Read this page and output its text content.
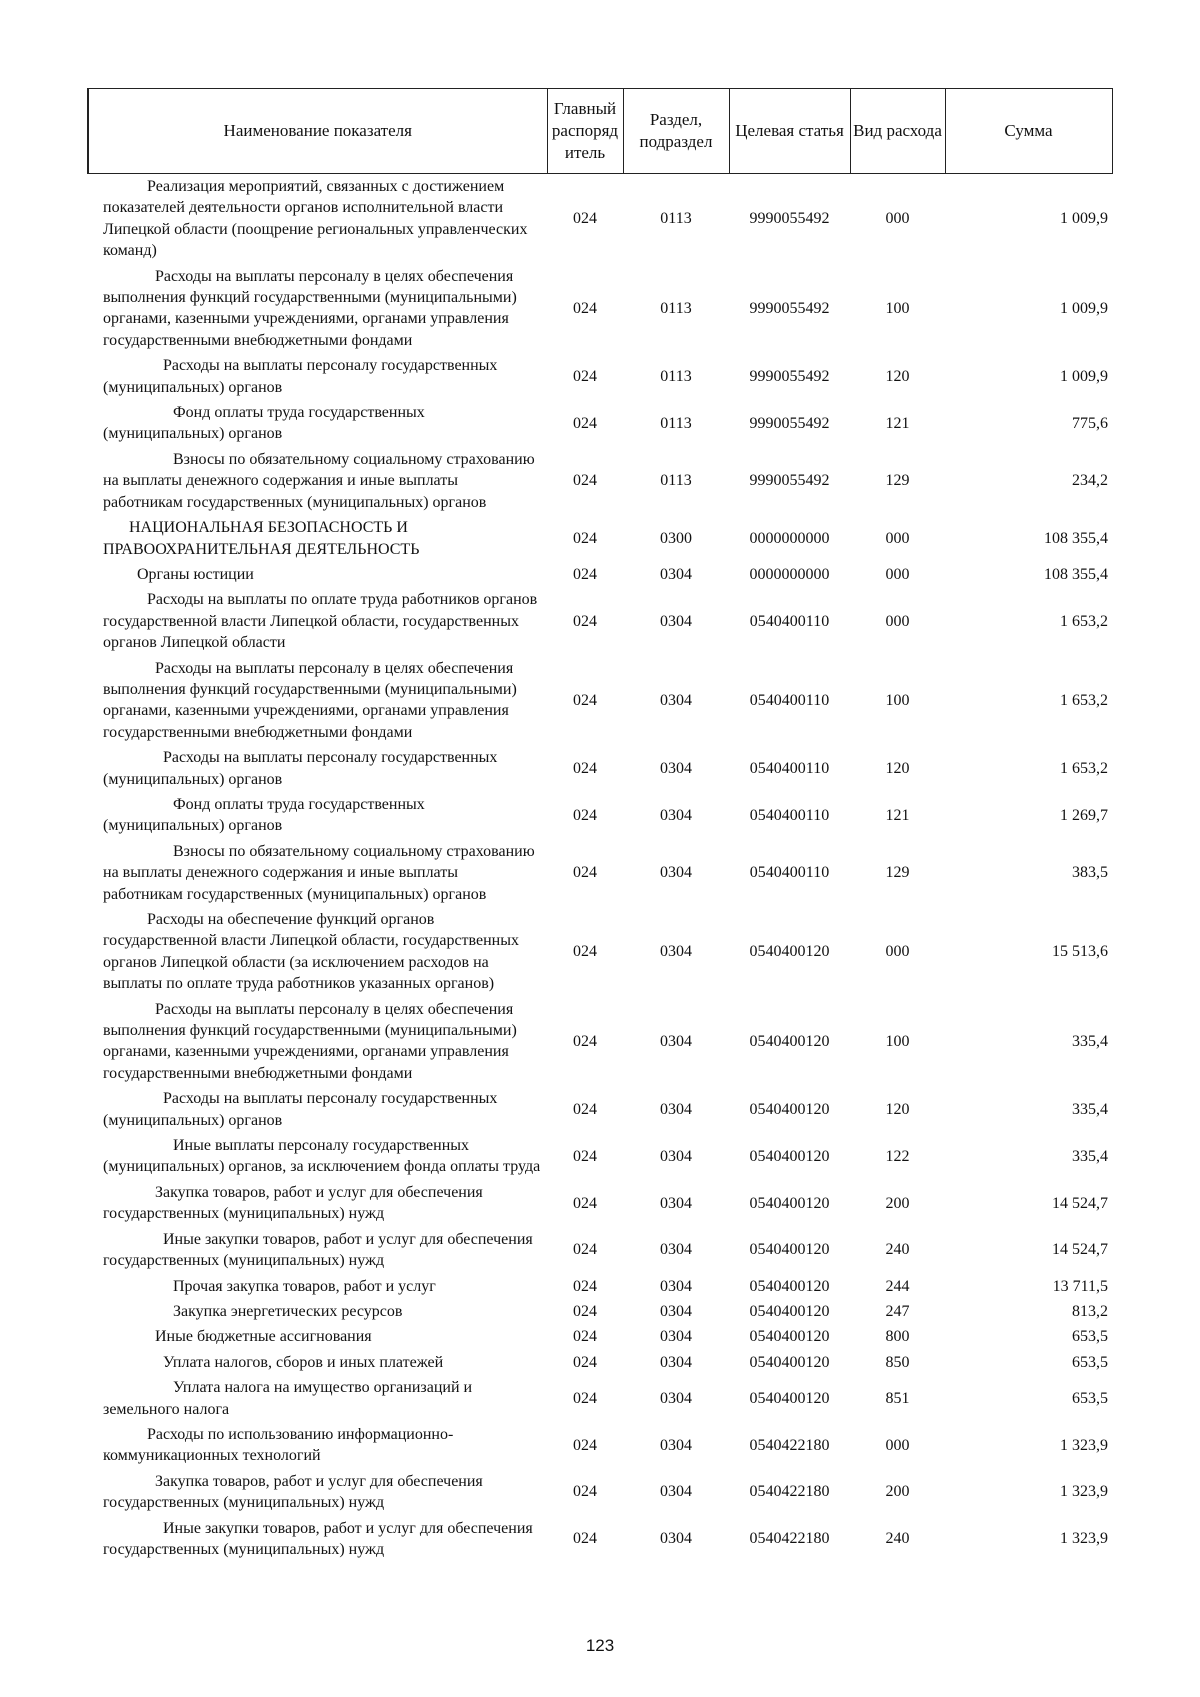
Наименование показателя	Главный распоряд итель	Раздел, подраздел	Целевая статья	Вид расхода	Сумма
Реализация мероприятий, связанных с достижением показателей деятельности органов исполнительной власти Липецкой области (поощрение региональных управленческих команд)	024	0113	9990055492	000	1 009,9
Расходы на выплаты персоналу в целях обеспечения выполнения функций государственными (муниципальными) органами, казенными учреждениями, органами управления государственными внебюджетными фондами	024	0113	9990055492	100	1 009,9
Расходы на выплаты персоналу государственных (муниципальных) органов	024	0113	9990055492	120	1 009,9
Фонд оплаты труда государственных (муниципальных) органов	024	0113	9990055492	121	775,6
Взносы по обязательному социальному страхованию на выплаты денежного содержания и иные выплаты работникам государственных (муниципальных) органов	024	0113	9990055492	129	234,2
НАЦИОНАЛЬНАЯ БЕЗОПАСНОСТЬ И ПРАВООХРАНИТЕЛЬНАЯ ДЕЯТЕЛЬНОСТЬ	024	0300	0000000000	000	108 355,4
Органы юстиции	024	0304	0000000000	000	108 355,4
Расходы на выплаты по оплате труда работников органов государственной власти Липецкой области, государственных органов Липецкой области	024	0304	0540400110	000	1 653,2
Расходы на выплаты персоналу в целях обеспечения выполнения функций государственными (муниципальными) органами, казенными учреждениями, органами управления государственными внебюджетными фондами	024	0304	0540400110	100	1 653,2
Расходы на выплаты персоналу государственных (муниципальных) органов	024	0304	0540400110	120	1 653,2
Фонд оплаты труда государственных (муниципальных) органов	024	0304	0540400110	121	1 269,7
Взносы по обязательному социальному страхованию на выплаты денежного содержания и иные выплаты работникам государственных (муниципальных) органов	024	0304	0540400110	129	383,5
Расходы на обеспечение функций органов государственной власти Липецкой области, государственных органов Липецкой области (за исключением расходов на выплаты по оплате труда работников указанных органов)	024	0304	0540400120	000	15 513,6
Расходы на выплаты персоналу в целях обеспечения выполнения функций государственными (муниципальными) органами, казенными учреждениями, органами управления государственными внебюджетными фондами	024	0304	0540400120	100	335,4
Расходы на выплаты персоналу государственных (муниципальных) органов	024	0304	0540400120	120	335,4
Иные выплаты персоналу государственных (муниципальных) органов, за исключением фонда оплаты труда	024	0304	0540400120	122	335,4
Закупка товаров, работ и услуг для обеспечения государственных (муниципальных) нужд	024	0304	0540400120	200	14 524,7
Иные закупки товаров, работ и услуг для обеспечения государственных (муниципальных) нужд	024	0304	0540400120	240	14 524,7
Прочая закупка товаров, работ и услуг	024	0304	0540400120	244	13 711,5
Закупка энергетических ресурсов	024	0304	0540400120	247	813,2
Иные бюджетные ассигнования	024	0304	0540400120	800	653,5
Уплата налогов, сборов и иных платежей	024	0304	0540400120	850	653,5
Уплата налога на имущество организаций и земельного налога	024	0304	0540400120	851	653,5
Расходы по использованию информационно-коммуникационных технологий	024	0304	0540422180	000	1 323,9
Закупка товаров, работ и услуг для обеспечения государственных (муниципальных) нужд	024	0304	0540422180	200	1 323,9
Иные закупки товаров, работ и услуг для обеспечения государственных (муниципальных) нужд	024	0304	0540422180	240	1 323,9
123
